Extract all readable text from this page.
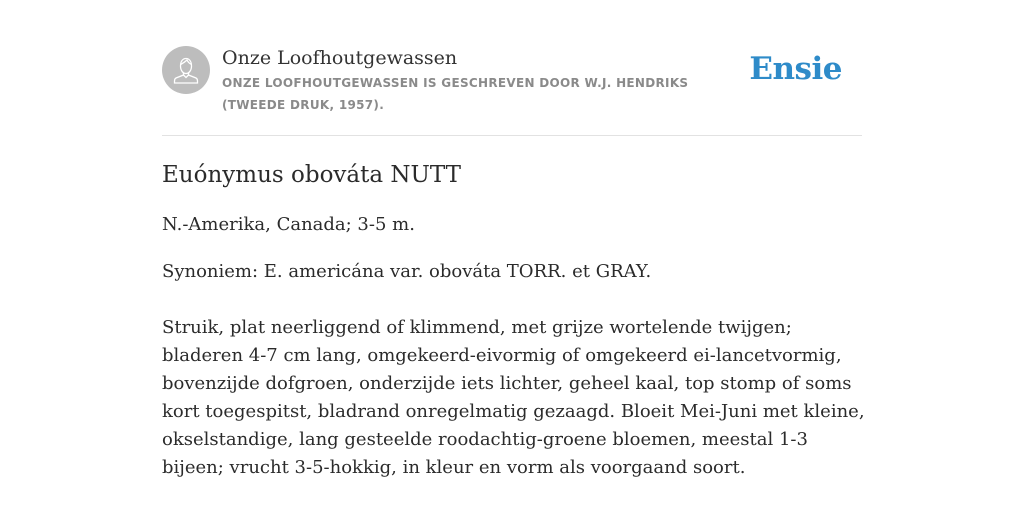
Onze Loofhoutgewassen
ONZE LOOFHOUTGEWASSEN IS GESCHREVEN DOOR W.J. HENDRIKS (TWEEDE DRUK, 1957).
Ensie
Euónymus obováta NUTT

N.-Amerika, Canada; 3-5 m.

Synoniem: E. americána var. obováta TORR. et GRAY.

Struik, plat neerliggend of klimmend, met grijze wortelende twijgen; bladeren 4-7 cm lang, omgekeerd-eivormig of omgekeerd ei-lancetvormig, bovenzijde dofgroen, onderzijde iets lichter, geheel kaal, top stomp of soms kort toegespitst, bladrand onregelmatig gezaagd. Bloeit Mei-Juni met kleine, okselstandige, lang gesteelde roodachtig-groene bloemen, meestal 1-3 bijeen; vrucht 3-5-hokkig, in kleur en vorm als voorgaand soort.
